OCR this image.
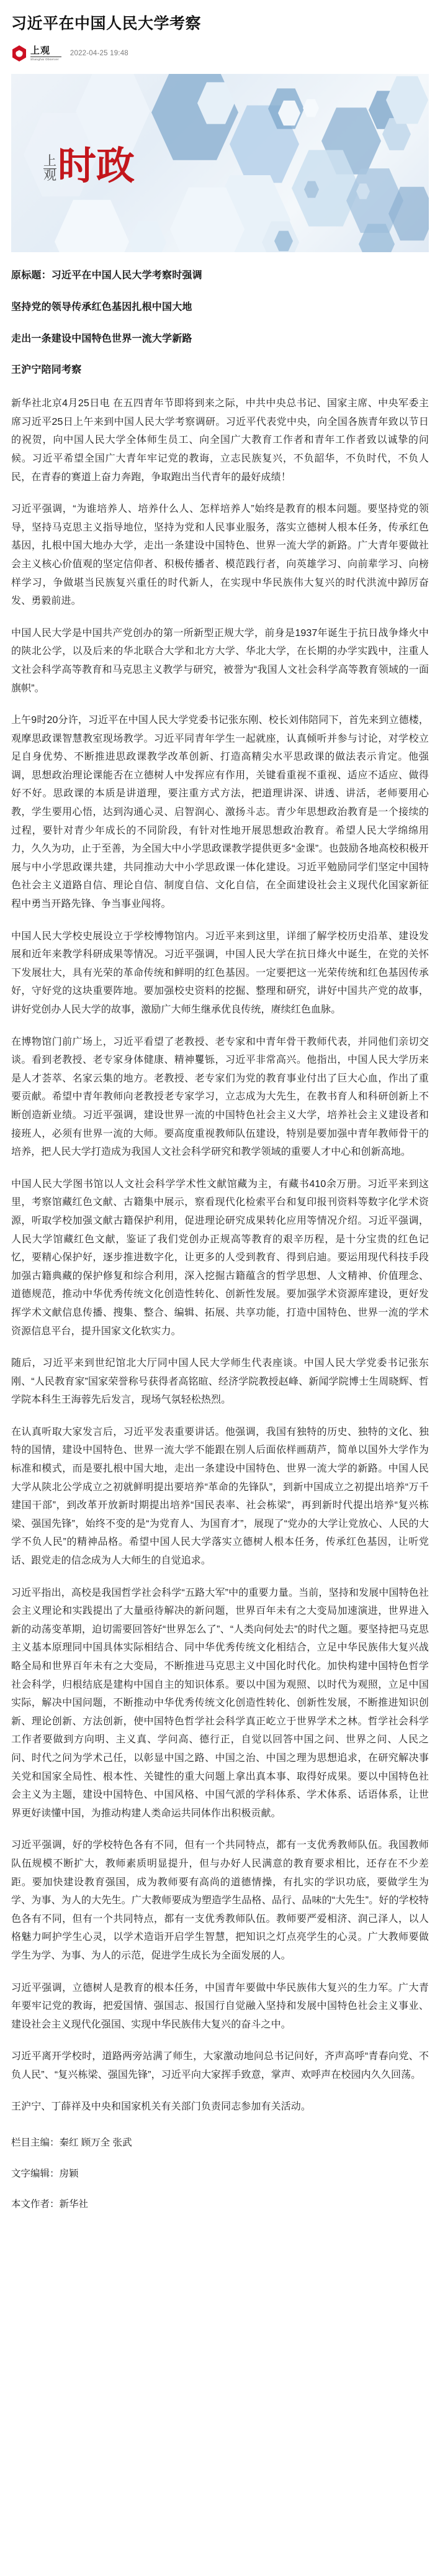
习近平在中国人民大学考察
上观
Shanghai Observer
2022-04-25 19:48
上
观 时政

原标题：习近平在中国人民大学考察时强调

坚持党的领导传承红色基因扎根中国大地

走出一条建设中国特色世界一流大学新路

王沪宁陪同考察

新华社北京4月25日电 在五四青年节即将到来之际，中共中央总书记、国家主席、中央军委主席习近平25日上午来到中国人民大学考察调研。习近平代表党中央，向全国各族青年致以节日的祝贺，向中国人民大学全体师生员工、向全国广大教育工作者和青年工作者致以诚挚的问候。习近平希望全国广大青年牢记党的教诲，立志民族复兴，不负韶华，不负时代，不负人民，在青春的赛道上奋力奔跑，争取跑出当代青年的最好成绩！

习近平强调，“为谁培养人、培养什么人、怎样培养人”始终是教育的根本问题。要坚持党的领导，坚持马克思主义指导地位，坚持为党和人民事业服务，落实立德树人根本任务，传承红色基因，扎根中国大地办大学，走出一条建设中国特色、世界一流大学的新路。广大青年要做社会主义核心价值观的坚定信仰者、积极传播者、模范践行者，向英雄学习、向前辈学习、向榜样学习，争做堪当民族复兴重任的时代新人，在实现中华民族伟大复兴的时代洪流中踔厉奋发、勇毅前进。

中国人民大学是中国共产党创办的第一所新型正规大学，前身是1937年诞生于抗日战争烽火中的陕北公学，以及后来的华北联合大学和北方大学、华北大学，在长期的办学实践中，注重人文社会科学高等教育和马克思主义教学与研究，被誉为“我国人文社会科学高等教育领域的一面旗帜”。

上午9时20分许，习近平在中国人民大学党委书记张东刚、校长刘伟陪同下，首先来到立德楼，观摩思政课智慧教室现场教学。习近平同青年学生一起就座，认真倾听并参与讨论，对学校立足自身优势、不断推进思政课教学改革创新、打造高精尖水平思政课的做法表示肯定。他强调，思想政治理论课能否在立德树人中发挥应有作用，关键看重视不重视、适应不适应、做得好不好。思政课的本质是讲道理，要注重方式方法，把道理讲深、讲透、讲活，老师要用心教，学生要用心悟，达到沟通心灵、启智润心、激扬斗志。青少年思想政治教育是一个接续的过程，要针对青少年成长的不同阶段，有针对性地开展思想政治教育。希望人民大学绵绵用力，久久为功，止于至善，为全国大中小学思政课教学提供更多“金课”。也鼓励各地高校积极开展与中小学思政课共建，共同推动大中小学思政课一体化建设。习近平勉励同学们坚定中国特色社会主义道路自信、理论自信、制度自信、文化自信，在全面建设社会主义现代化国家新征程中勇当开路先锋、争当事业闯将。

中国人民大学校史展设立于学校博物馆内。习近平来到这里，详细了解学校历史沿革、建设发展和近年来教学科研成果等情况。习近平强调，中国人民大学在抗日烽火中诞生，在党的关怀下发展壮大，具有光荣的革命传统和鲜明的红色基因。一定要把这一光荣传统和红色基因传承好，守好党的这块重要阵地。要加强校史资料的挖掘、整理和研究，讲好中国共产党的故事，讲好党创办人民大学的故事，激励广大师生继承优良传统，赓续红色血脉。

在博物馆门前广场上，习近平看望了老教授、老专家和中青年骨干教师代表，并同他们亲切交谈。看到老教授、老专家身体健康、精神矍铄，习近平非常高兴。他指出，中国人民大学历来是人才荟萃、名家云集的地方。老教授、老专家们为党的教育事业付出了巨大心血，作出了重要贡献。希望中青年教师向老教授老专家学习，立志成为大先生，在教书育人和科研创新上不断创造新业绩。习近平强调，建设世界一流的中国特色社会主义大学，培养社会主义建设者和接班人，必须有世界一流的大师。要高度重视教师队伍建设，特别是要加强中青年教师骨干的培养，把人民大学打造成为我国人文社会科学研究和教学领域的重要人才中心和创新高地。

中国人民大学图书馆以人文社会科学学术性文献馆藏为主，有藏书410余万册。习近平来到这里，考察馆藏红色文献、古籍集中展示，察看现代化检索平台和复印报刊资料等数字化学术资源，听取学校加强文献古籍保护利用，促进理论研究成果转化应用等情况介绍。习近平强调，人民大学馆藏红色文献，鉴证了我们党创办正规高等教育的艰辛历程，是十分宝贵的红色记忆，要精心保护好，逐步推进数字化，让更多的人受到教育、得到启迪。要运用现代科技手段加强古籍典藏的保护修复和综合利用，深入挖掘古籍蕴含的哲学思想、人文精神、价值理念、道德规范，推动中华优秀传统文化创造性转化、创新性发展。要加强学术资源库建设，更好发挥学术文献信息传播、搜集、整合、编辑、拓展、共享功能，打造中国特色、世界一流的学术资源信息平台，提升国家文化软实力。

随后，习近平来到世纪馆北大厅同中国人民大学师生代表座谈。中国人民大学党委书记张东刚、“人民教育家”国家荣誉称号获得者高铭暄、经济学院教授赵峰、新闻学院博士生周晓辉、哲学院本科生王海蓉先后发言，现场气氛轻松热烈。

在认真听取大家发言后，习近平发表重要讲话。他强调，我国有独特的历史、独特的文化、独特的国情，建设中国特色、世界一流大学不能跟在别人后面依样画葫芦，简单以国外大学作为标准和模式，而是要扎根中国大地，走出一条建设中国特色、世界一流大学的新路。中国人民大学从陕北公学成立之初就鲜明提出要培养“革命的先锋队”，到新中国成立之初提出培养“万千建国干部”，到改革开放新时期提出培养“国民表率、社会栋梁”，再到新时代提出培养“复兴栋梁、强国先锋”，始终不变的是“为党育人、为国育才”，展现了“党办的大学让党放心、人民的大学不负人民”的精神品格。希望中国人民大学落实立德树人根本任务，传承红色基因，让听党话、跟党走的信念成为人大师生的自觉追求。

习近平指出，高校是我国哲学社会科学“五路大军”中的重要力量。当前，坚持和发展中国特色社会主义理论和实践提出了大量亟待解决的新问题，世界百年未有之大变局加速演进，世界进入新的动荡变革期，迫切需要回答好“世界怎么了”、“人类向何处去”的时代之题。要坚持把马克思主义基本原理同中国具体实际相结合、同中华优秀传统文化相结合，立足中华民族伟大复兴战略全局和世界百年未有之大变局，不断推进马克思主义中国化时代化。加快构建中国特色哲学社会科学，归根结底是建构中国自主的知识体系。要以中国为观照、以时代为观照，立足中国实际，解决中国问题，不断推动中华优秀传统文化创造性转化、创新性发展，不断推进知识创新、理论创新、方法创新，使中国特色哲学社会科学真正屹立于世界学术之林。哲学社会科学工作者要做到方向明、主义真、学问高、德行正，自觉以回答中国之问、世界之问、人民之问、时代之问为学术己任，以彰显中国之路、中国之治、中国之理为思想追求，在研究解决事关党和国家全局性、根本性、关键性的重大问题上拿出真本事、取得好成果。要以中国特色社会主义为主题，建设中国特色、中国风格、中国气派的学科体系、学术体系、话语体系，让世界更好读懂中国，为推动构建人类命运共同体作出积极贡献。

习近平强调，好的学校特色各有不同，但有一个共同特点，都有一支优秀教师队伍。我国教师队伍规模不断扩大，教师素质明显提升，但与办好人民满意的教育要求相比，还存在不少差距。要加快建设教育强国，成为教师要有高尚的道德情操，有扎实的学识功底，要做学生为学、为事、为人的大先生。广大教师要成为塑造学生品格、品行、品味的“大先生”。好的学校特色各有不同，但有一个共同特点，都有一支优秀教师队伍。教师要严爱相济、润己泽人，以人格魅力呵护学生心灵，以学术造诣开启学生智慧，把知识之灯点亮学生的心灵。广大教师要做学生为学、为事、为人的示范，促进学生成长为全面发展的人。

习近平强调，立德树人是教育的根本任务，中国青年要做中华民族伟大复兴的生力军。广大青年要牢记党的教诲，把爱国情、强国志、报国行自觉融入坚持和发展中国特色社会主义事业、建设社会主义现代化强国、实现中华民族伟大复兴的奋斗之中。

习近平离开学校时，道路两旁站满了师生，大家激动地问总书记问好，齐声高呼“青春向党、不负人民”、“复兴栋梁、强国先锋”，习近平向大家挥手致意，掌声、欢呼声在校园内久久回荡。

王沪宁、丁薛祥及中央和国家机关有关部门负责同志参加有关活动。

栏目主编：秦红 顾万全 张武

文字编辑：房颖

本文作者：新华社
